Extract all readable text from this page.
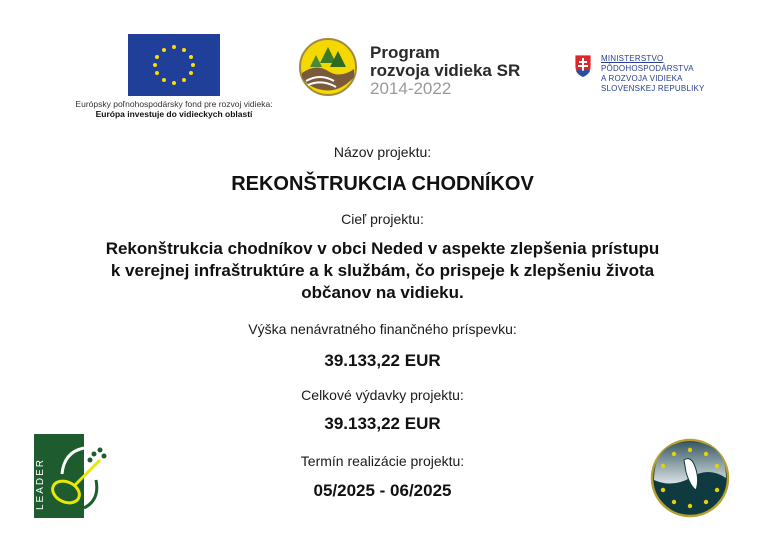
Európsky poľnohospodársky fond pre rozvoj vidieka:
Európa investuje do vidieckych oblastí
Program
rozvoja vidieka SR
2014-2022
MINISTERSTVO
PÔDOHOSPODÁRSTVA
A ROZVOJA VIDIEKA
SLOVENSKEJ REPUBLIKY
Názov projektu:
REKONŠTRUKCIA CHODNÍKOV
Cieľ projektu:
Rekonštrukcia chodníkov v obci Neded v aspekte zlepšenia prístupu
k verejnej infraštruktúre a k službám, čo prispeje k zlepšeniu života
občanov na vidieku.
Výška nenávratného finančného príspevku:
39.133,22 EUR
Celkové výdavky projektu:
39.133,22 EUR
Termín realizácie projektu:
05/2025 - 06/2025
LEADER
